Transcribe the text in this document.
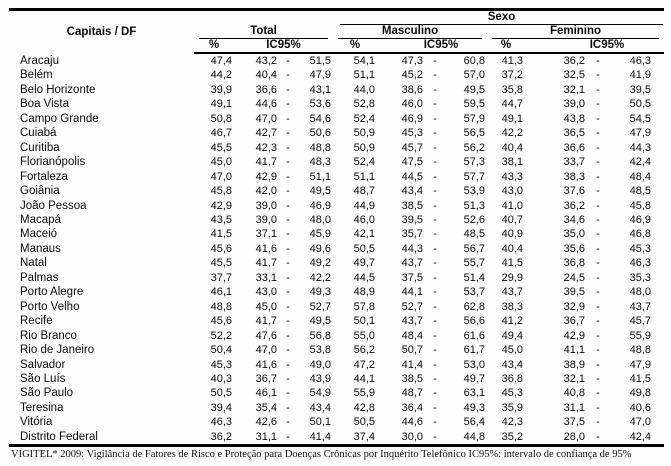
Capitais / DF					Sexo							

	Total				Masculino				Feminino			

	%	IC95%			%	IC95%			%	IC95%		
Aracaju	47,4	43,2	-	51,5	54,1	47,3	-	60,8	41,3	36,2	-	46,3
Belém	44,2	40,4	-	47,9	51,1	45,2	-	57,0	37,2	32,5	-	41,9
Belo Horizonte	39,9	36,6	-	43,1	44,0	38,6	-	49,5	35,8	32,1	-	39,5
Boa Vista	49,1	44,6	-	53,6	52,8	46,0	-	59,5	44,7	39,0	-	50,5
Campo Grande	50,8	47,0	-	54,6	52,4	46,9	-	57,9	49,1	43,8	-	54,5
Cuiabá	46,7	42,7	-	50,6	50,9	45,3	-	56,5	42,2	36,5	-	47,9
Curitiba	45,5	42,3	-	48,8	50,9	45,7	-	56,2	40,4	36,6	-	44,3
Florianópolis	45,0	41,7	-	48,3	52,4	47,5	-	57,3	38,1	33,7	-	42,4
Fortaleza	47,0	42,9	-	51,1	51,1	44,5	-	57,7	43,3	38,3	-	48,4
Goiânia	45,8	42,0	-	49,5	48,7	43,4	-	53,9	43,0	37,6	-	48,5
João Pessoa	42,9	39,0	-	46,9	44,9	38,5	-	51,3	41,0	36,2	-	45,8
Macapá	43,5	39,0	-	48,0	46,0	39,5	-	52,6	40,7	34,6	-	46,9
Maceió	41,5	37,1	-	45,9	42,1	35,7	-	48,5	40,9	35,0	-	46,8
Manaus	45,6	41,6	-	49,6	50,5	44,3	-	56,7	40,4	35,6	-	45,3
Natal	45,5	41,7	-	49,2	49,7	43,7	-	55,7	41,5	36,8	-	46,3
Palmas	37,7	33,1	-	42,2	44,5	37,5	-	51,4	29,9	24,5	-	35,3
Porto Alegre	46,1	43,0	-	49,3	48,9	44,1	-	53,7	43,7	39,5	-	48,0
Porto Velho	48,8	45,0	-	52,7	57,8	52,7	-	62,8	38,3	32,9	-	43,7
Recife	45,6	41,7	-	49,5	50,1	43,7	-	56,6	41,2	36,7	-	45,7
Rio Branco	52,2	47,6	-	56,8	55,0	48,4	-	61,6	49,4	42,9	-	55,9
Rio de Janeiro	50,4	47,0	-	53,8	56,2	50,7	-	61,7	45,0	41,1	-	48,8
Salvador	45,3	41,6	-	49,0	47,2	41,4	-	53,0	43,4	38,9	-	47,9
São Luís	40,3	36,7	-	43,9	44,1	38,5	-	49,7	36,8	32,1	-	41,5
São Paulo	50,5	46,1	-	54,9	55,9	48,7	-	63,1	45,3	40,8	-	49,8
Teresina	39,4	35,4	-	43,4	42,8	36,4	-	49,3	35,9	31,1	-	40,6
Vitória	46,3	42,6	-	50,1	50,5	44,6	-	56,4	42,3	37,5	-	47,0
Distrito Federal	36,2	31,1	-	41,4	37,4	30,0	-	44,8	35,2	28,0	-	42,4
VIGITEL* 2009: Vigilância de Fatores de Risco e Proteção para Doenças Crônicas por Inquérito Telefônico IC95%: intervalo de confiança de 95%
